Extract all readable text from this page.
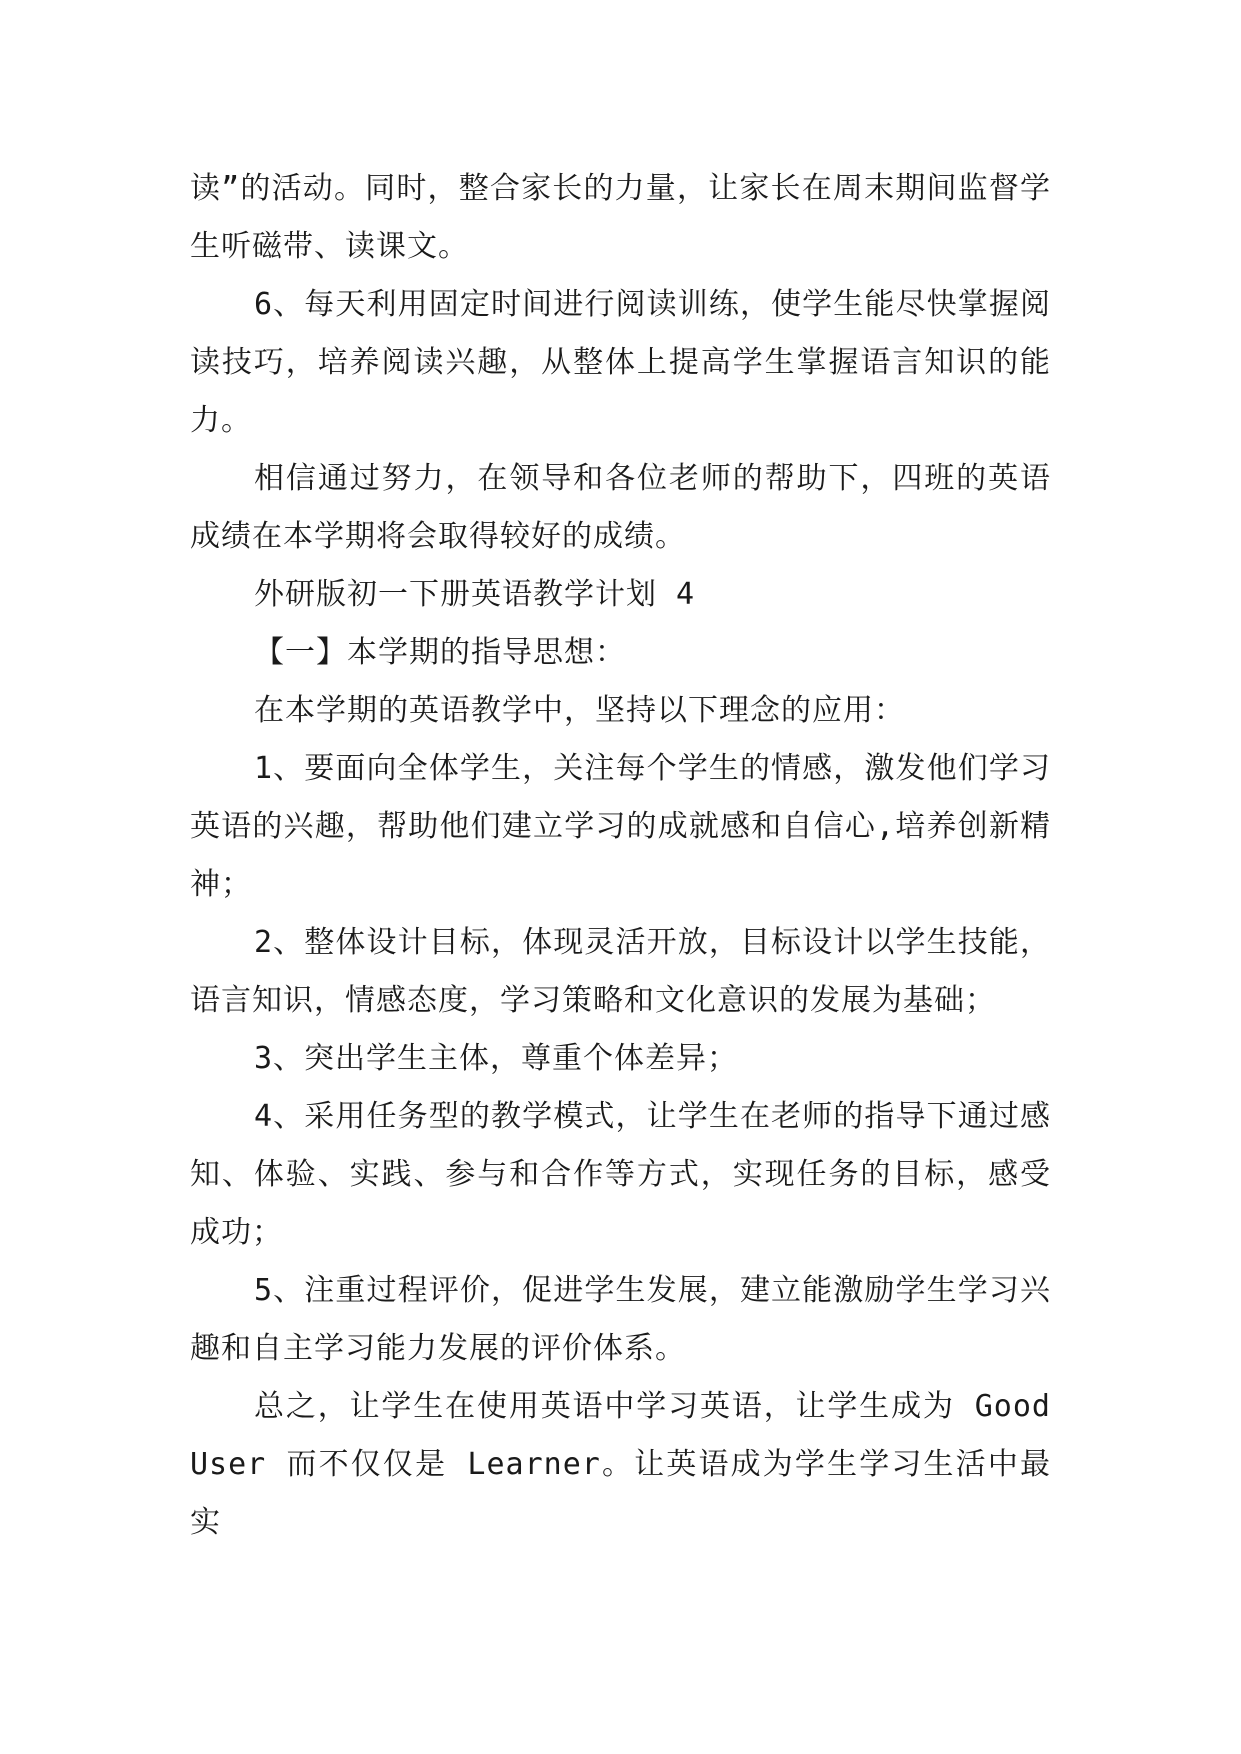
读”的活动。同时，整合家长的力量，让家长在周末期间监督学生听磁带、读课文。

6、每天利用固定时间进行阅读训练，使学生能尽快掌握阅读技巧，培养阅读兴趣，从整体上提高学生掌握语言知识的能力。

相信通过努力，在领导和各位老师的帮助下，四班的英语成绩在本学期将会取得较好的成绩。

外研版初一下册英语教学计划 4

【一】本学期的指导思想：

在本学期的英语教学中，坚持以下理念的应用：

1、要面向全体学生，关注每个学生的情感，激发他们学习英语的兴趣，帮助他们建立学习的成就感和自信心,培养创新精神；

2、整体设计目标，体现灵活开放，目标设计以学生技能，语言知识，情感态度，学习策略和文化意识的发展为基础；

3、突出学生主体，尊重个体差异；

4、采用任务型的教学模式，让学生在老师的指导下通过感知、体验、实践、参与和合作等方式，实现任务的目标，感受成功；

5、注重过程评价，促进学生发展，建立能激励学生学习兴趣和自主学习能力发展的评价体系。

总之，让学生在使用英语中学习英语，让学生成为 Good User 而不仅仅是 Learner。让英语成为学生学习生活中最实
